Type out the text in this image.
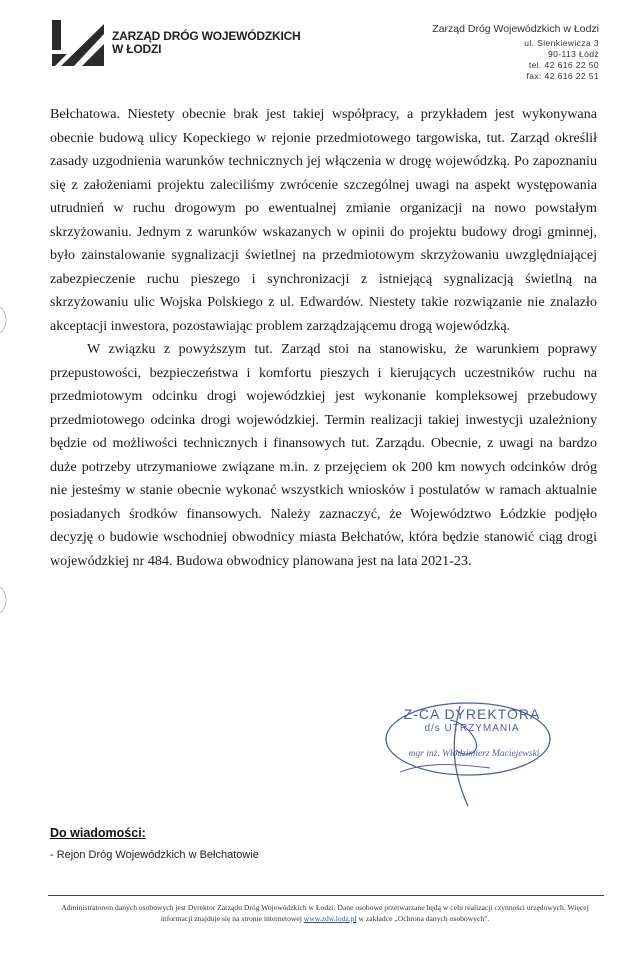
ZARZĄD DRÓG WOJEWÓDZKICH
W ŁODZI
Zarząd Dróg Wojewódzkich w Łodzi
ul. Sienkiewicza 3
90-113 Łódź
tel. 42 616 22 50
fax: 42 616 22 51

Bełchatowa. Niestety obecnie brak jest takiej współpracy, a przykładem jest wykonywana obecnie budową ulicy Kopeckiego w rejonie przedmiotowego targowiska, tut. Zarząd określił zasady uzgodnienia warunków technicznych jej włączenia w drogę wojewódzką. Po zapoznaniu się z założeniami projektu zaleciliśmy zwrócenie szczególnej uwagi na aspekt występowania utrudnień w ruchu drogowym po ewentualnej zmianie organizacji na nowo powstałym skrzyżowaniu. Jednym z warunków wskazanych w opinii do projektu budowy drogi gminnej, było zainstalowanie sygnalizacji świetlnej na przedmiotowym skrzyżowaniu uwzględniającej zabezpieczenie ruchu pieszego i synchronizacji z istniejącą sygnalizacją świetlną na skrzyżowaniu ulic Wojska Polskiego z ul. Edwardów. Niestety takie rozwiązanie nie znalazło akceptacji inwestora, pozostawiając problem zarządzającemu drogą wojewódzką.

W związku z powyższym tut. Zarząd stoi na stanowisku, że warunkiem poprawy przepustowości, bezpieczeństwa i komfortu pieszych i kierujących uczestników ruchu na przedmiotowym odcinku drogi wojewódzkiej jest wykonanie kompleksowej przebudowy przedmiotowego odcinka drogi wojewódzkiej. Termin realizacji takiej inwestycji uzależniony będzie od możliwości technicznych i finansowych tut. Zarządu. Obecnie, z uwagi na bardzo duże potrzeby utrzymaniowe związane m.in. z przejęciem ok 200 km nowych odcinków dróg nie jesteśmy w stanie obecnie wykonać wszystkich wniosków i postulatów w ramach aktualnie posiadanych środków finansowych. Należy zaznaczyć, że Województwo Łódzkie podjęło decyzję o budowie wschodniej obwodnicy miasta Bełchatów, która będzie stanowić ciąg drogi wojewódzkiej nr 484. Budowa obwodnicy planowana jest na lata 2021-23.

Z-CA DYREKTORA
d/s UTRZYMANIA
mgr inż. Włodzimierz Maciejewski
Do wiadomości:
- Rejon Dróg Wojewódzkich w Bełchatowie
Administratorem danych osobowych jest Dyrektor Zarządu Dróg Wojewódzkich w Łodzi. Dane osobowe przetwarzane będą w celu realizacji czynności urzędowych. Więcej informacji znajduje się na stronie internetowej www.zdw.lodz.pl w zakładce „Ochrona danych osobowych".
